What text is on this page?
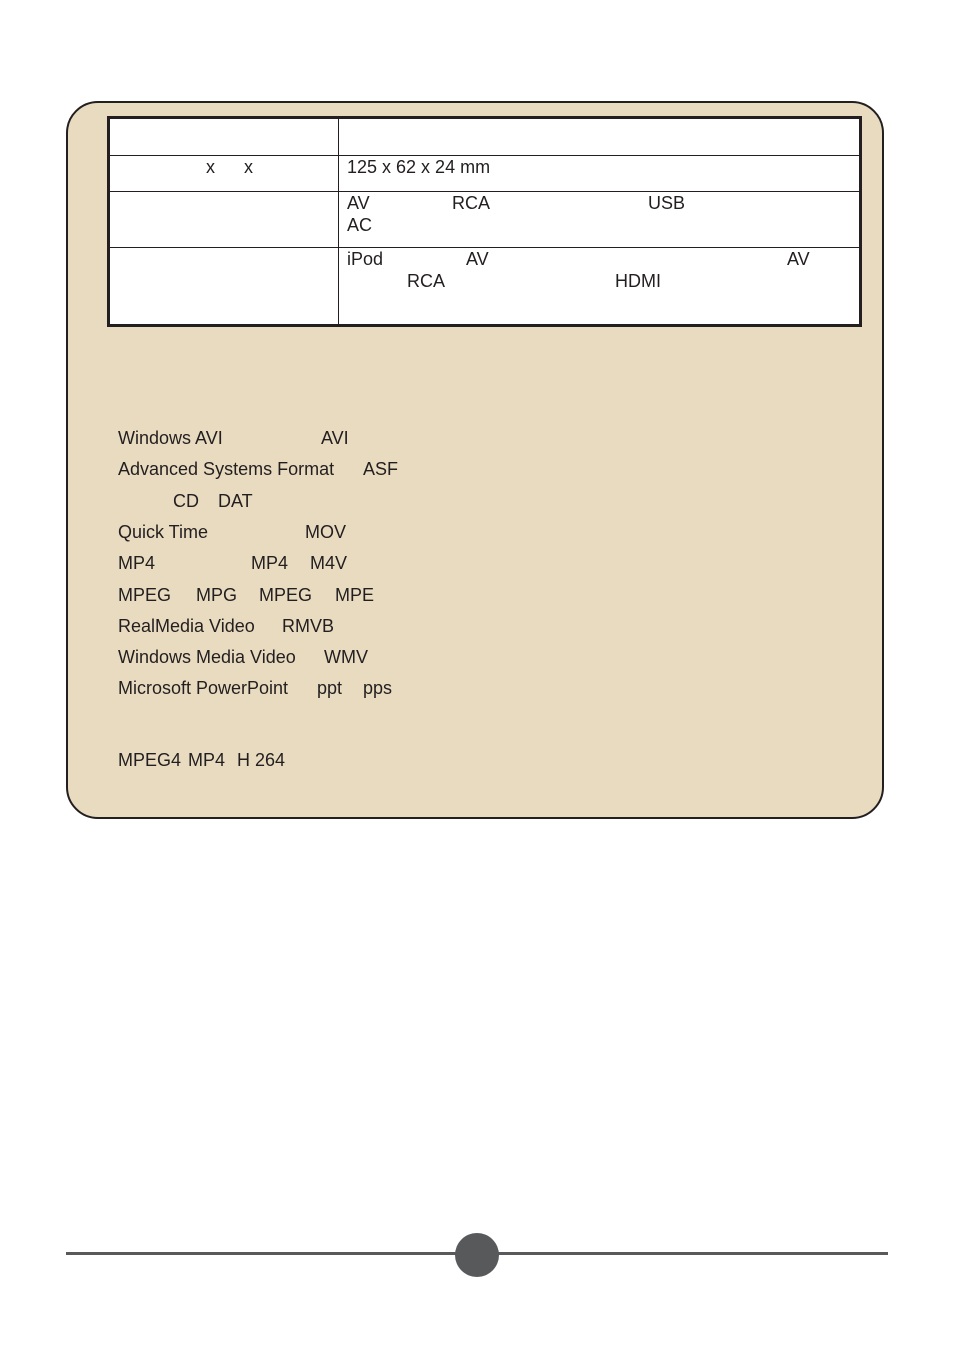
x x	125 x 62 x 24 mm

	AV RCA USB
AC

	iPod AV AV
RCA HDMI
Windows AVI	AVI
Advanced Systems Format ASF
CD DAT
Quick Time	MOV
MP4	MP4 M4V
MPEG MPG MPEG MPE
RealMedia Video RMVB
Windows Media Video WMV
Microsoft PowerPoint ppt pps
MPEG4 MP4 H 264
